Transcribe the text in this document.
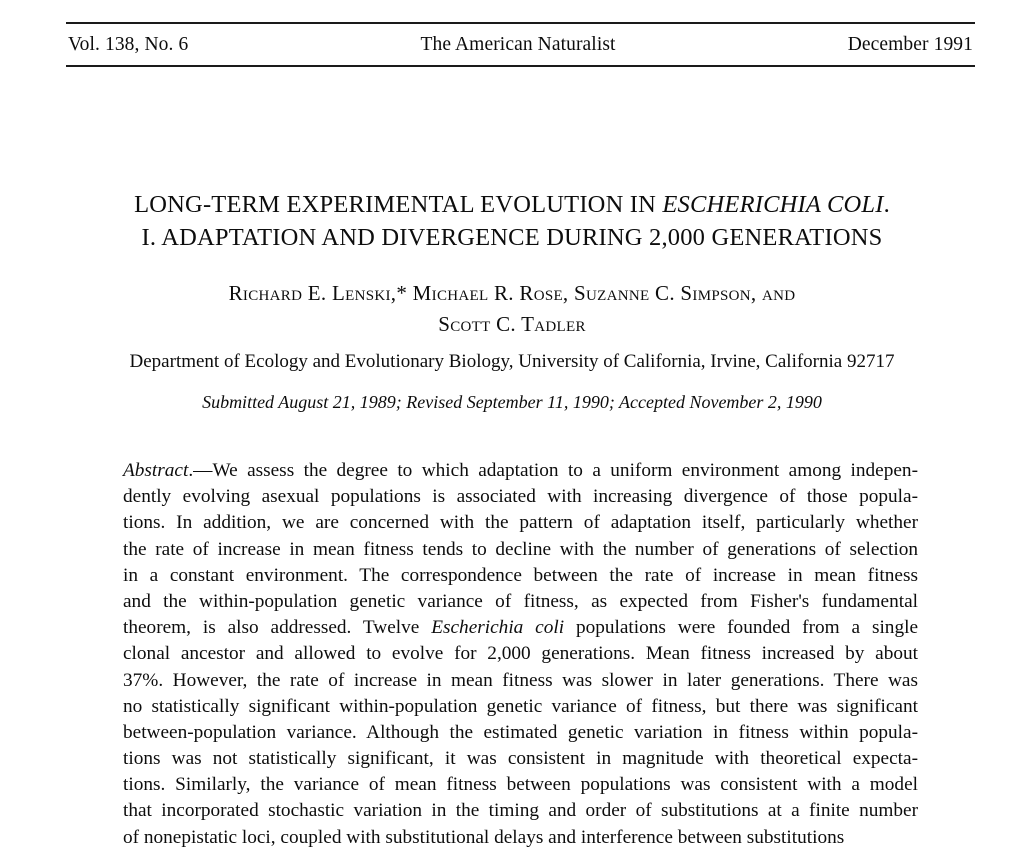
Vol. 138, No. 6	The American Naturalist	December 1991
LONG-TERM EXPERIMENTAL EVOLUTION IN ESCHERICHIA COLI.
I. ADAPTATION AND DIVERGENCE DURING 2,000 GENERATIONS
Richard E. Lenski,* Michael R. Rose, Suzanne C. Simpson, and
Scott C. Tadler
Department of Ecology and Evolutionary Biology, University of California, Irvine, California 92717
Submitted August 21, 1989; Revised September 11, 1990; Accepted November 2, 1990
Abstract.—We assess the degree to which adaptation to a uniform environment among indepen-
dently evolving asexual populations is associated with increasing divergence of those popula-
tions. In addition, we are concerned with the pattern of adaptation itself, particularly whether
the rate of increase in mean fitness tends to decline with the number of generations of selection
in a constant environment. The correspondence between the rate of increase in mean fitness
and the within-population genetic variance of fitness, as expected from Fisher's fundamental
theorem, is also addressed. Twelve Escherichia coli populations were founded from a single
clonal ancestor and allowed to evolve for 2,000 generations. Mean fitness increased by about
37%. However, the rate of increase in mean fitness was slower in later generations. There was
no statistically significant within-population genetic variance of fitness, but there was significant
between-population variance. Although the estimated genetic variation in fitness within popula-
tions was not statistically significant, it was consistent in magnitude with theoretical expecta-
tions. Similarly, the variance of mean fitness between populations was consistent with a model
that incorporated stochastic variation in the timing and order of substitutions at a finite number
of nonepistatic loci, coupled with substitutional delays and interference between substitutions
